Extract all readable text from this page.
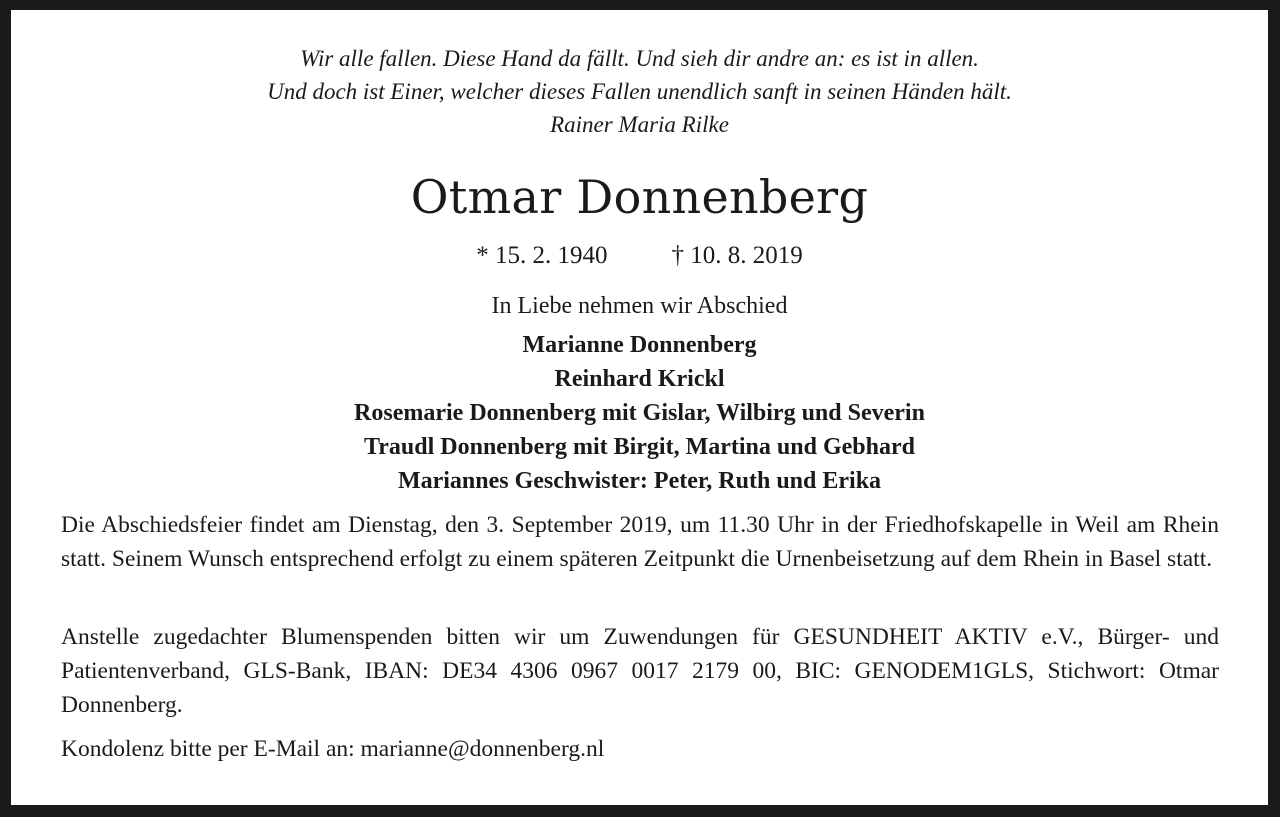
Wir alle fallen. Diese Hand da fällt. Und sieh dir andre an: es ist in allen.
Und doch ist Einer, welcher dieses Fallen unendlich sanft in seinen Händen hält.
Rainer Maria Rilke
Otmar Donnenberg
* 15. 2. 1940	† 10. 8. 2019
In Liebe nehmen wir Abschied
Marianne Donnenberg
Reinhard Krickl
Rosemarie Donnenberg mit Gislar, Wilbirg und Severin
Traudl Donnenberg mit Birgit, Martina und Gebhard
Mariannes Geschwister: Peter, Ruth und Erika
Die Abschiedsfeier findet am Dienstag, den 3. September 2019, um 11.30 Uhr in der Friedhofskapelle in Weil am Rhein statt. Seinem Wunsch entsprechend erfolgt zu einem späteren Zeitpunkt die Urnenbeisetzung auf dem Rhein in Basel statt.
Anstelle zugedachter Blumenspenden bitten wir um Zuwendungen für GESUNDHEIT AKTIV e.V., Bürger- und Patientenverband, GLS-Bank, IBAN: DE34 4306 0967 0017 2179 00, BIC: GENODEM1GLS, Stichwort: Otmar Donnenberg.
Kondolenz bitte per E-Mail an: marianne@donnenberg.nl
